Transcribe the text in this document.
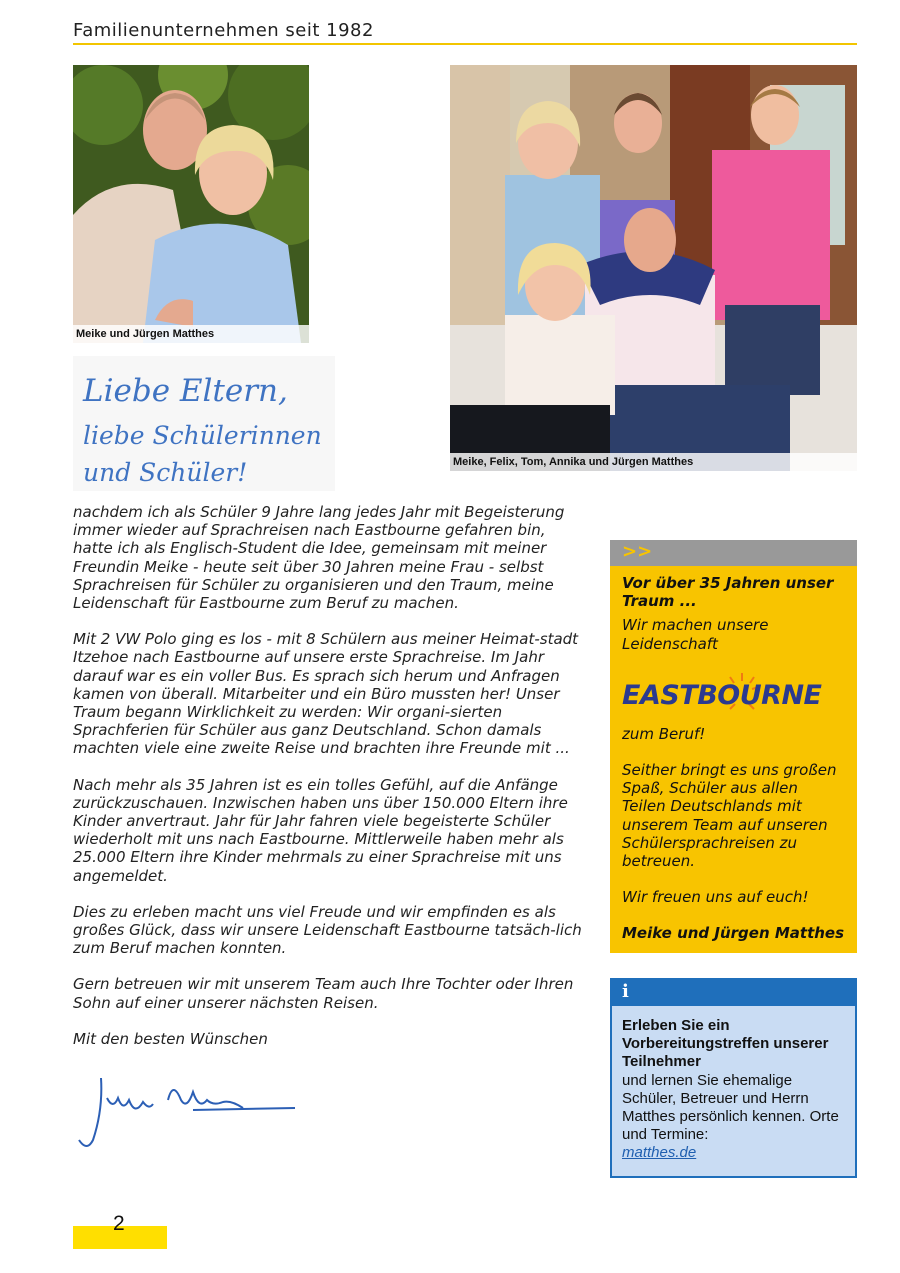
Familienunternehmen seit 1982
Meike und Jürgen Matthes
Meike, Felix, Tom, Annika und Jürgen Matthes
Liebe Eltern,
liebe Schülerinnen
und Schüler!

nachdem ich als Schüler 9 Jahre lang jedes Jahr mit Begeisterung immer wieder auf Sprachreisen nach Eastbourne gefahren bin, hatte ich als Englisch-Student die Idee, gemeinsam mit meiner Freundin Meike - heute seit über 30 Jahren meine Frau - selbst Sprachreisen für Schüler zu organisieren und den Traum, meine Leidenschaft für Eastbourne zum Beruf zu machen.

Mit 2 VW Polo ging es los - mit 8 Schülern aus meiner Heimat-stadt Itzehoe nach Eastbourne auf unsere erste Sprachreise. Im Jahr darauf war es ein voller Bus. Es sprach sich herum und Anfragen kamen von überall. Mitarbeiter und ein Büro mussten her! Unser Traum begann Wirklichkeit zu werden: Wir organi-sierten Sprachferien für Schüler aus ganz Deutschland. Schon damals machten viele eine zweite Reise und brachten ihre Freunde mit ...

Nach mehr als 35 Jahren ist es ein tolles Gefühl, auf die Anfänge zurückzuschauen. Inzwischen haben uns über 150.000 Eltern ihre Kinder anvertraut. Jahr für Jahr fahren viele begeisterte Schüler wiederholt mit uns nach Eastbourne. Mittlerweile haben mehr als 25.000 Eltern ihre Kinder mehrmals zu einer Sprachreise mit uns angemeldet.

Dies zu erleben macht uns viel Freude und wir empfinden es als großes Glück, dass wir unsere Leidenschaft Eastbourne tatsäch-lich zum Beruf machen konnten.

Gern betreuen wir mit unserem Team auch Ihre Tochter oder Ihren Sohn auf einer unserer nächsten Reisen.

Mit den besten Wünschen

Jürgen Matthes
>>

Vor über 35 Jahren unser Traum ...

Wir machen unsere Leidenschaft

EASTBOURNE

zum Beruf!

Seither bringt es uns großen Spaß, Schüler aus allen Teilen Deutschlands mit unserem Team auf unseren Schülersprachreisen zu betreuen.

Wir freuen uns auf euch!

Meike und Jürgen Matthes

i
Erleben Sie ein Vorbereitungstreffen unserer Teilnehmer
und lernen Sie ehemalige Schüler, Betreuer und Herrn Matthes persönlich kennen. Orte und Termine:
matthes.de
2
